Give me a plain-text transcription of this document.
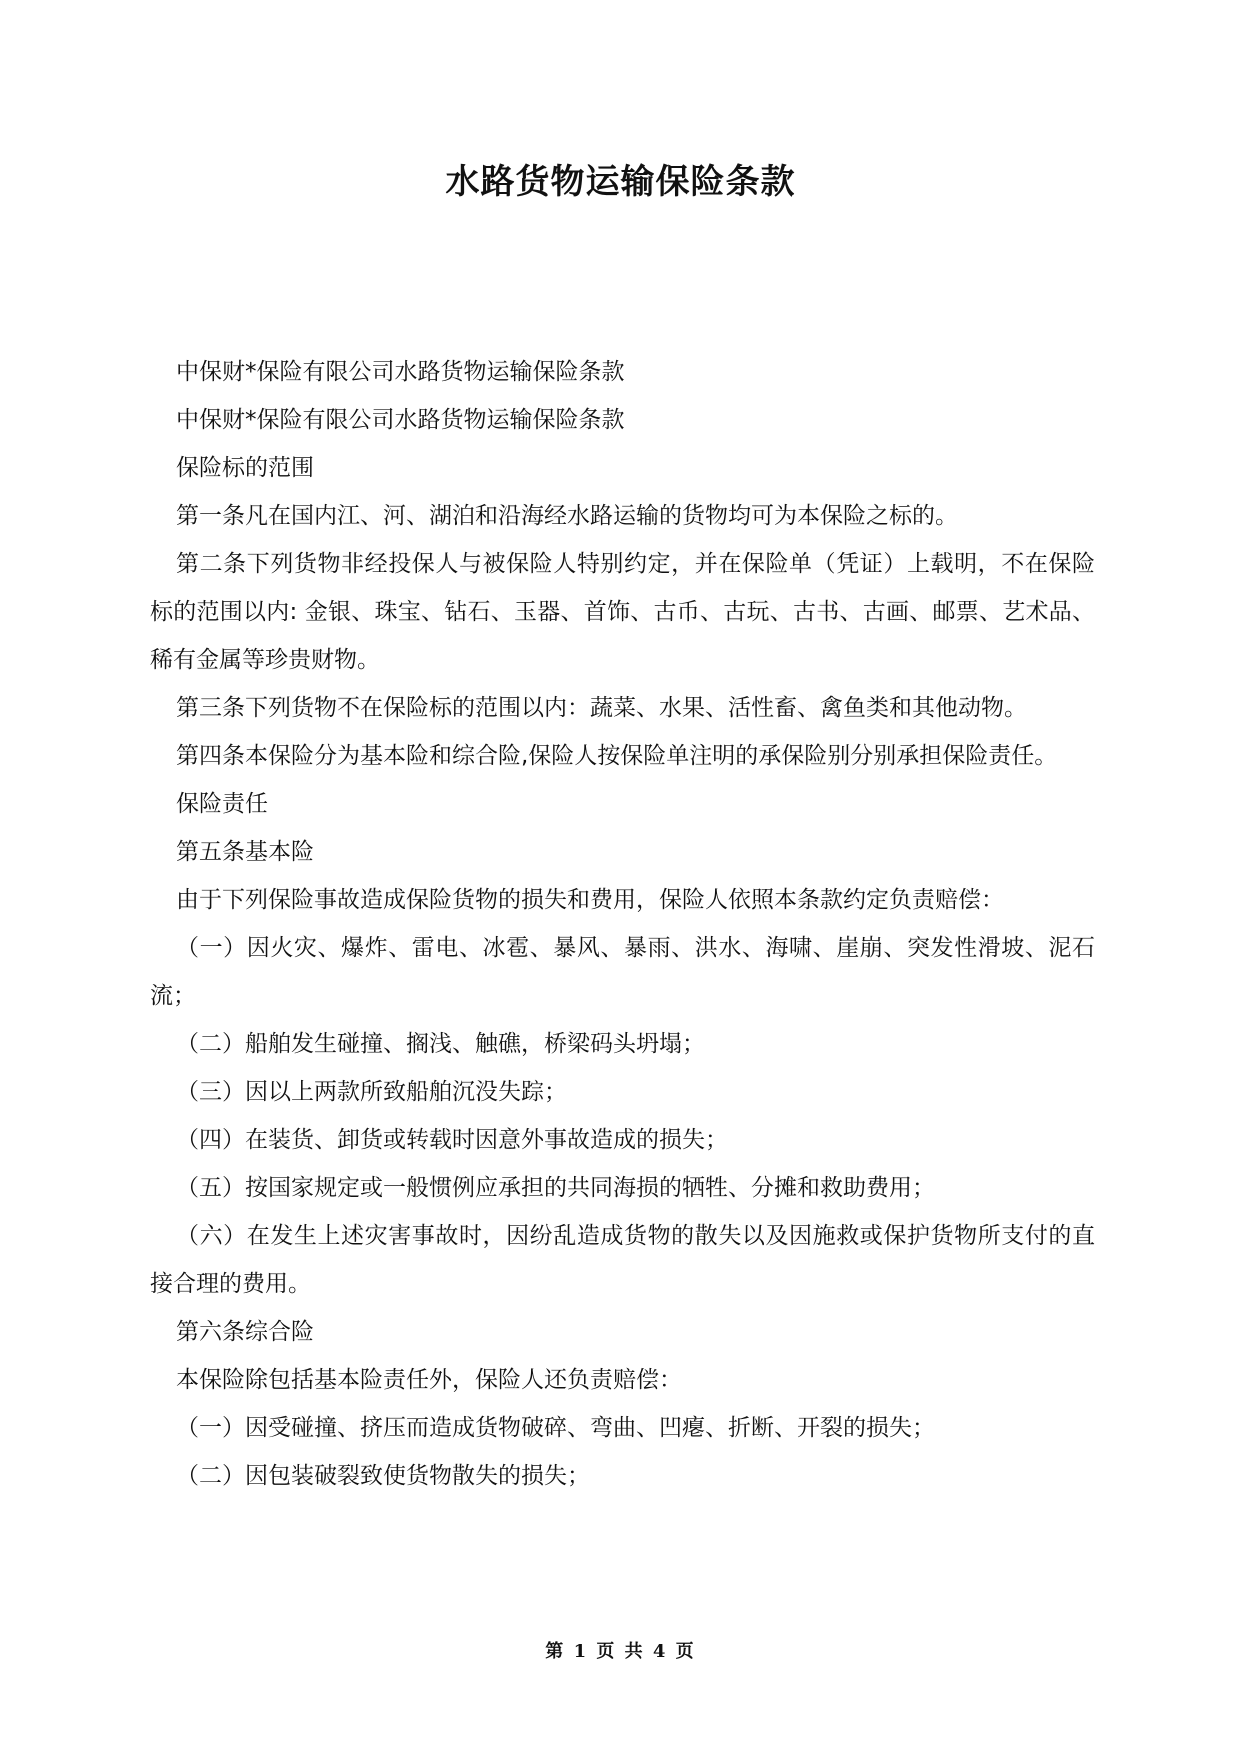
水路货物运输保险条款

中保财*保险有限公司水路货物运输保险条款

中保财*保险有限公司水路货物运输保险条款

保险标的范围

第一条凡在国内江、河、湖泊和沿海经水路运输的货物均可为本保险之标的。

第二条下列货物非经投保人与被保险人特别约定，并在保险单（凭证）上载明，不在保险标的范围以内: 金银、珠宝、钻石、玉器、首饰、古币、古玩、古书、古画、邮票、艺术品、稀有金属等珍贵财物。

第三条下列货物不在保险标的范围以内：蔬菜、水果、活性畜、禽鱼类和其他动物。

第四条本保险分为基本险和综合险,保险人按保险单注明的承保险别分别承担保险责任。

保险责任

第五条基本险

由于下列保险事故造成保险货物的损失和费用，保险人依照本条款约定负责赔偿：

（一）因火灾、爆炸、雷电、冰雹、暴风、暴雨、洪水、海啸、崖崩、突发性滑坡、泥石流；

（二）船舶发生碰撞、搁浅、触礁，桥梁码头坍塌；

（三）因以上两款所致船舶沉没失踪；

（四）在装货、卸货或转载时因意外事故造成的损失；

（五）按国家规定或一般惯例应承担的共同海损的牺牲、分摊和救助费用；

（六）在发生上述灾害事故时，因纷乱造成货物的散失以及因施救或保护货物所支付的直接合理的费用。

第六条综合险

本保险除包括基本险责任外，保险人还负责赔偿：

（一）因受碰撞、挤压而造成货物破碎、弯曲、凹瘪、折断、开裂的损失；

（二）因包装破裂致使货物散失的损失；

第 1 页 共 4 页
